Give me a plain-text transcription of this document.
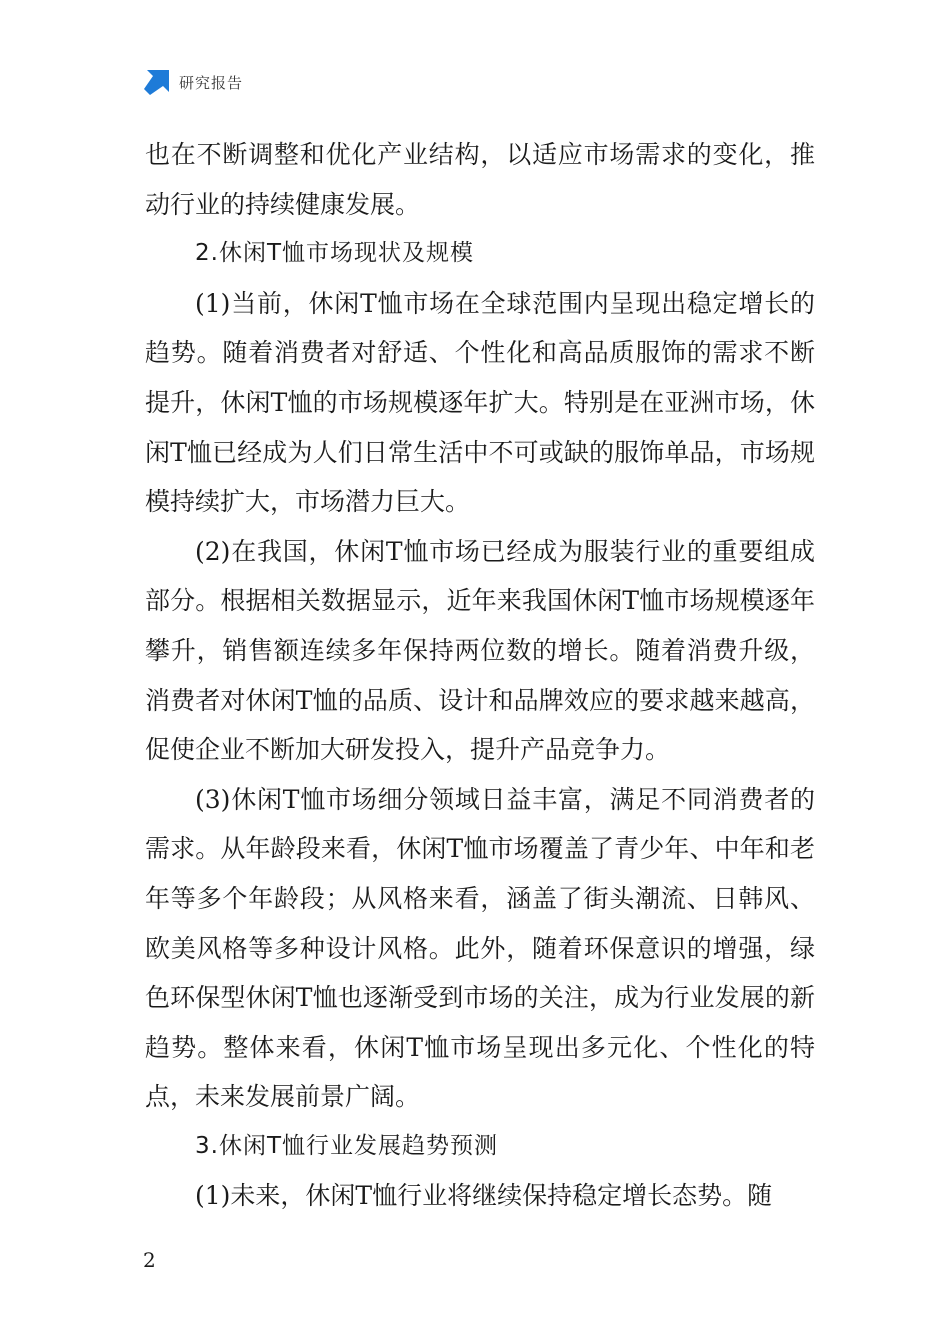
研究报告

也在不断调整和优化产业结构，以适应市场需求的变化，推动行业的持续健康发展。

2.休闲T恤市场现状及规模

(1)当前，休闲T恤市场在全球范围内呈现出稳定增长的趋势。随着消费者对舒适、个性化和高品质服饰的需求不断提升，休闲T恤的市场规模逐年扩大。特别是在亚洲市场，休闲T恤已经成为人们日常生活中不可或缺的服饰单品，市场规模持续扩大，市场潜力巨大。

(2)在我国，休闲T恤市场已经成为服装行业的重要组成部分。根据相关数据显示，近年来我国休闲T恤市场规模逐年攀升，销售额连续多年保持两位数的增长。随着消费升级，消费者对休闲T恤的品质、设计和品牌效应的要求越来越高，促使企业不断加大研发投入，提升产品竞争力。

(3)休闲T恤市场细分领域日益丰富，满足不同消费者的需求。从年龄段来看，休闲T恤市场覆盖了青少年、中年和老年等多个年龄段；从风格来看，涵盖了街头潮流、日韩风、欧美风格等多种设计风格。此外，随着环保意识的增强，绿色环保型休闲T恤也逐渐受到市场的关注，成为行业发展的新趋势。整体来看，休闲T恤市场呈现出多元化、个性化的特点，未来发展前景广阔。

3.休闲T恤行业发展趋势预测

(1)未来，休闲T恤行业将继续保持稳定增长态势。随

2
